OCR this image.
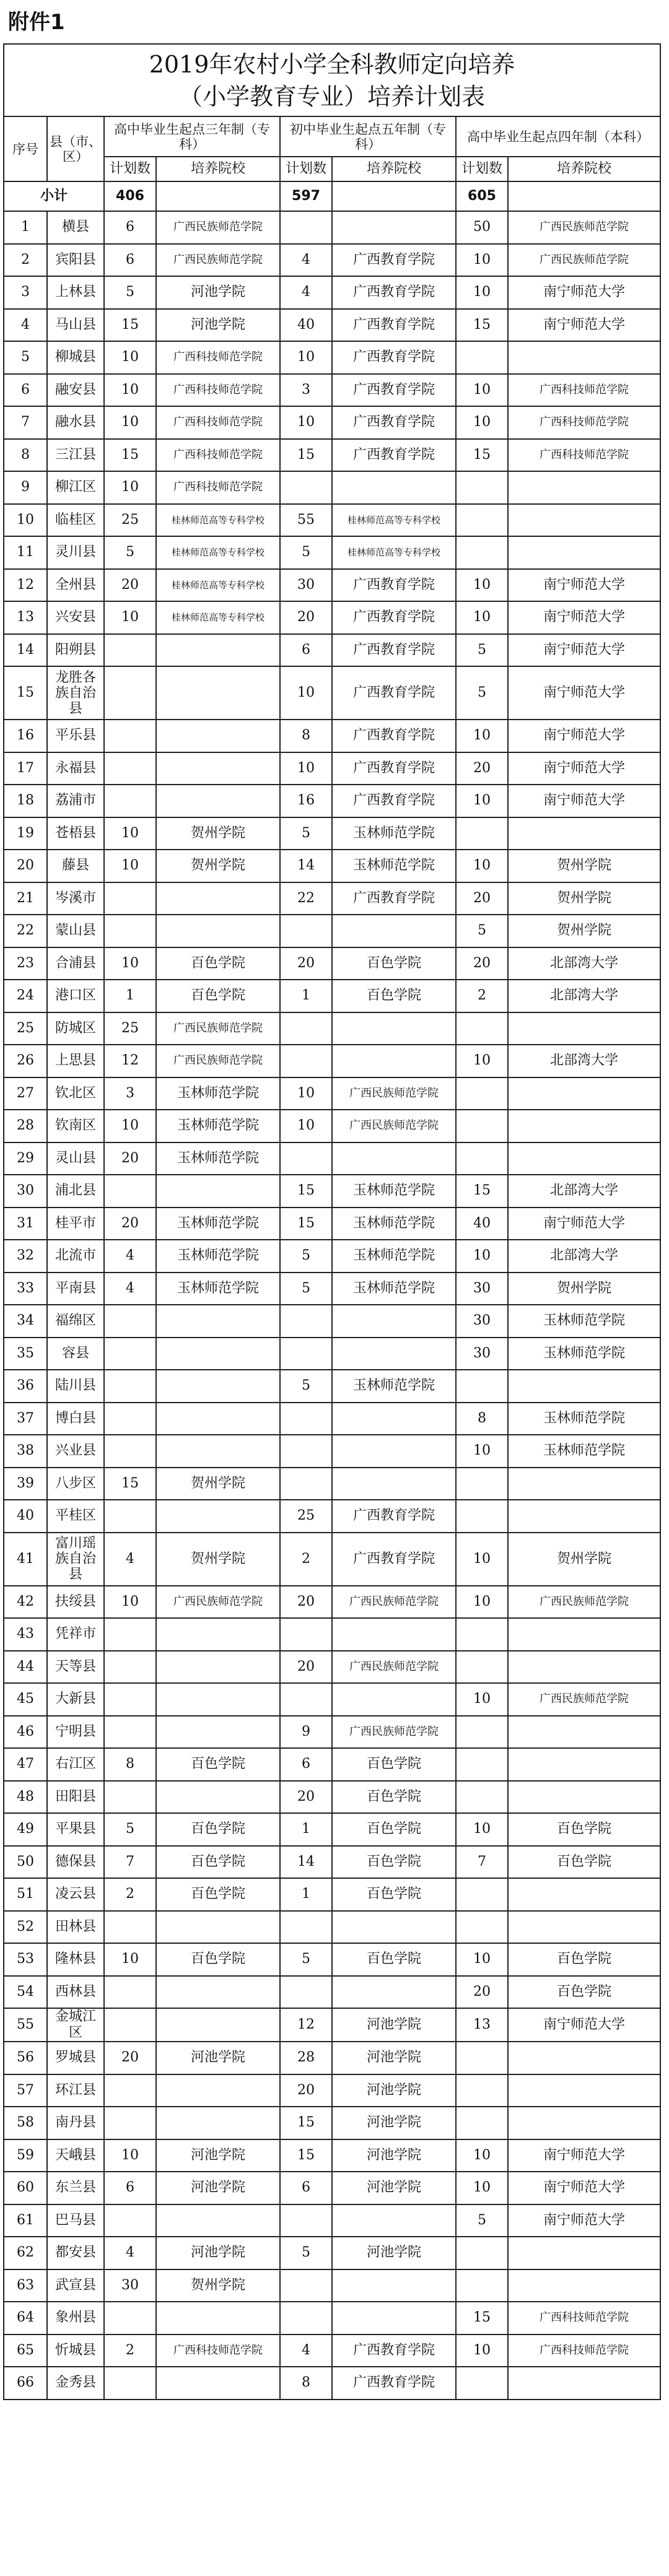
附件1
2019年农村小学全科教师定向培养
（小学教育专业）培养计划表							

序号	县（市、区）	高中毕业生起点三年制（专科）		初中毕业生起点五年制（专科）		高中毕业生起点四年制（本科）	
		计划数	培养院校	计划数	培养院校	计划数	培养院校
小计		406		597		605	
1	横县	6	广西民族师范学院			50	广西民族师范学院
2	宾阳县	6	广西民族师范学院	4	广西教育学院	10	广西民族师范学院
3	上林县	5	河池学院	4	广西教育学院	10	南宁师范大学
4	马山县	15	河池学院	40	广西教育学院	15	南宁师范大学
5	柳城县	10	广西科技师范学院	10	广西教育学院		
6	融安县	10	广西科技师范学院	3	广西教育学院	10	广西科技师范学院
7	融水县	10	广西科技师范学院	10	广西教育学院	10	广西科技师范学院
8	三江县	15	广西科技师范学院	15	广西教育学院	15	广西科技师范学院
9	柳江区	10	广西科技师范学院				
10	临桂区	25	桂林师范高等专科学校	55	桂林师范高等专科学校		
11	灵川县	5	桂林师范高等专科学校	5	桂林师范高等专科学校		
12	全州县	20	桂林师范高等专科学校	30	广西教育学院	10	南宁师范大学
13	兴安县	10	桂林师范高等专科学校	20	广西教育学院	10	南宁师范大学
14	阳朔县			6	广西教育学院	5	南宁师范大学
15	龙胜各族自治县			10	广西教育学院	5	南宁师范大学
16	平乐县			8	广西教育学院	10	南宁师范大学
17	永福县			10	广西教育学院	20	南宁师范大学
18	荔浦市			16	广西教育学院	10	南宁师范大学
19	苍梧县	10	贺州学院	5	玉林师范学院		
20	藤县	10	贺州学院	14	玉林师范学院	10	贺州学院
21	岑溪市			22	广西教育学院	20	贺州学院
22	蒙山县					5	贺州学院
23	合浦县	10	百色学院	20	百色学院	20	北部湾大学
24	港口区	1	百色学院	1	百色学院	2	北部湾大学
25	防城区	25	广西民族师范学院				
26	上思县	12	广西民族师范学院			10	北部湾大学
27	钦北区	3	玉林师范学院	10	广西民族师范学院		
28	钦南区	10	玉林师范学院	10	广西民族师范学院		
29	灵山县	20	玉林师范学院				
30	浦北县			15	玉林师范学院	15	北部湾大学
31	桂平市	20	玉林师范学院	15	玉林师范学院	40	南宁师范大学
32	北流市	4	玉林师范学院	5	玉林师范学院	10	北部湾大学
33	平南县	4	玉林师范学院	5	玉林师范学院	30	贺州学院
34	福绵区					30	玉林师范学院
35	容县					30	玉林师范学院
36	陆川县			5	玉林师范学院		
37	博白县					8	玉林师范学院
38	兴业县					10	玉林师范学院
39	八步区	15	贺州学院				
40	平桂区			25	广西教育学院		
41	富川瑶族自治县	4	贺州学院	2	广西教育学院	10	贺州学院
42	扶绥县	10	广西民族师范学院	20	广西民族师范学院	10	广西民族师范学院
43	凭祥市						
44	天等县			20	广西民族师范学院		
45	大新县					10	广西民族师范学院
46	宁明县			9	广西民族师范学院		
47	右江区	8	百色学院	6	百色学院		
48	田阳县			20	百色学院		
49	平果县	5	百色学院	1	百色学院	10	百色学院
50	德保县	7	百色学院	14	百色学院	7	百色学院
51	凌云县	2	百色学院	1	百色学院		
52	田林县						
53	隆林县	10	百色学院	5	百色学院	10	百色学院
54	西林县					20	百色学院
55	金城江区			12	河池学院	13	南宁师范大学
56	罗城县	20	河池学院	28	河池学院		
57	环江县			20	河池学院		
58	南丹县			15	河池学院		
59	天峨县	10	河池学院	15	河池学院	10	南宁师范大学
60	东兰县	6	河池学院	6	河池学院	10	南宁师范大学
61	巴马县					5	南宁师范大学
62	都安县	4	河池学院	5	河池学院		
63	武宣县	30	贺州学院				
64	象州县					15	广西科技师范学院
65	忻城县	2	广西科技师范学院	4	广西教育学院	10	广西科技师范学院
66	金秀县			8	广西教育学院		
